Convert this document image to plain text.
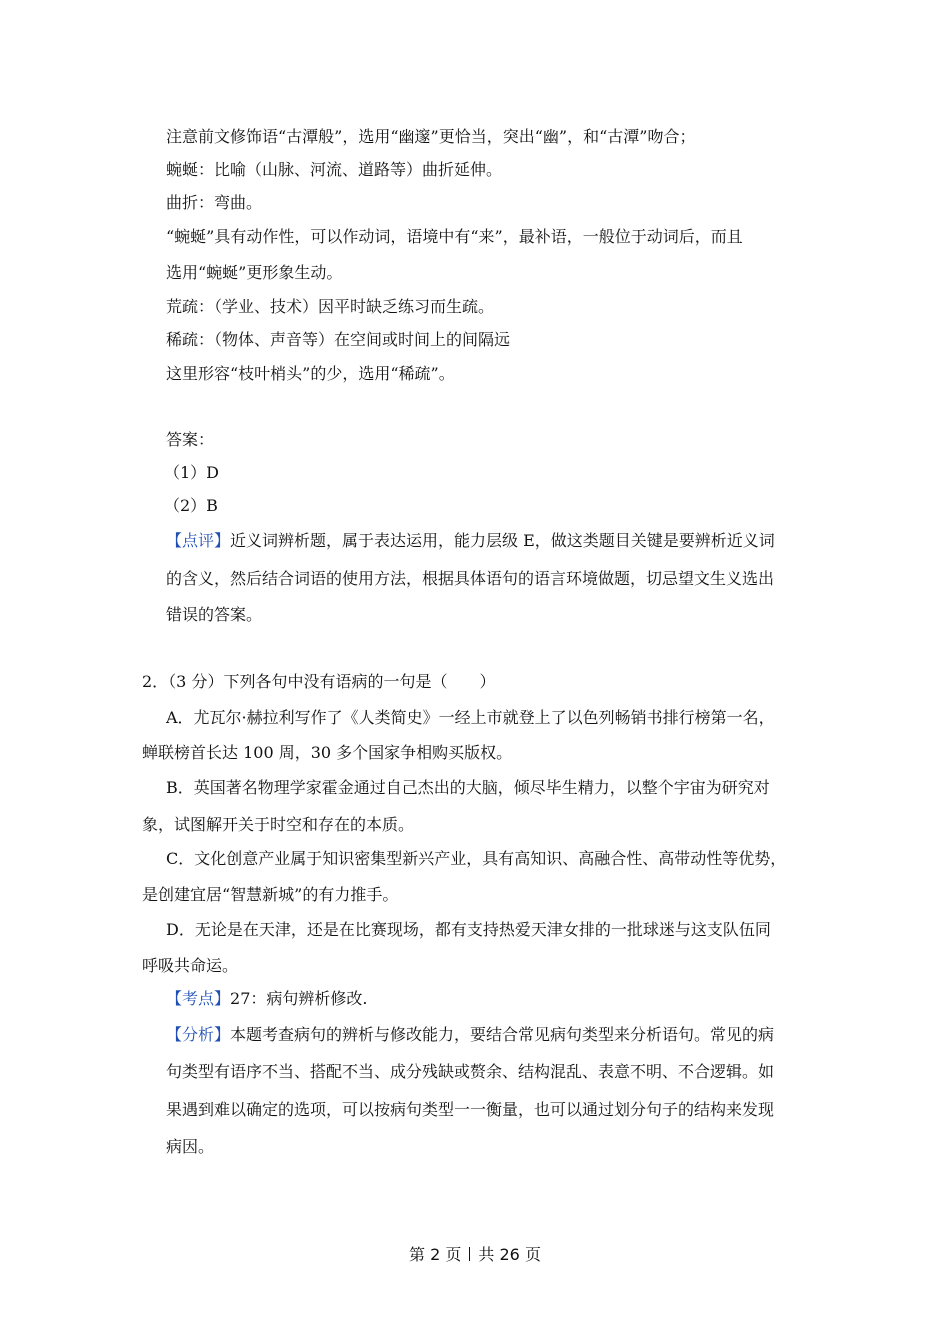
注意前文修饰语“古潭般”，选用“幽邃”更恰当，突出“幽”，和“古潭”吻合；
蜿蜒：比喻（山脉、河流、道路等）曲折延伸。
曲折：弯曲。
“蜿蜒”具有动作性，可以作动词，语境中有“来”，最补语，一般位于动词后，而且
选用“蜿蜒”更形象生动。
荒疏：（学业、技术）因平时缺乏练习而生疏。
稀疏：（物体、声音等）在空间或时间上的间隔远
这里形容“枝叶梢头”的少，选用“稀疏”。
答案：
（1）D
（2）B
【点评】近义词辨析题，属于表达运用，能力层级 E，做这类题目关键是要辨析近义词
的含义，然后结合词语的使用方法，根据具体语句的语言环境做题，切忌望文生义选出
错误的答案。
2．（3 分）下列各句中没有语病的一句是（　　）
A．尤瓦尔·赫拉利写作了《人类简史》一经上市就登上了以色列畅销书排行榜第一名，
蝉联榜首长达 100 周，30 多个国家争相购买版权。
B．英国著名物理学家霍金通过自己杰出的大脑，倾尽毕生精力，以整个宇宙为研究对
象，试图解开关于时空和存在的本质。
C．文化创意产业属于知识密集型新兴产业，具有高知识、高融合性、高带动性等优势，
是创建宜居“智慧新城”的有力推手。
D．无论是在天津，还是在比赛现场，都有支持热爱天津女排的一批球迷与这支队伍同
呼吸共命运。
【考点】27：病句辨析修改.
【分析】本题考查病句的辨析与修改能力，要结合常见病句类型来分析语句。常见的病
句类型有语序不当、搭配不当、成分残缺或赘余、结构混乱、表意不明、不合逻辑。如
果遇到难以确定的选项，可以按病句类型一一衡量，也可以通过划分句子的结构来发现
病因。
第 2 页 共 26 页
